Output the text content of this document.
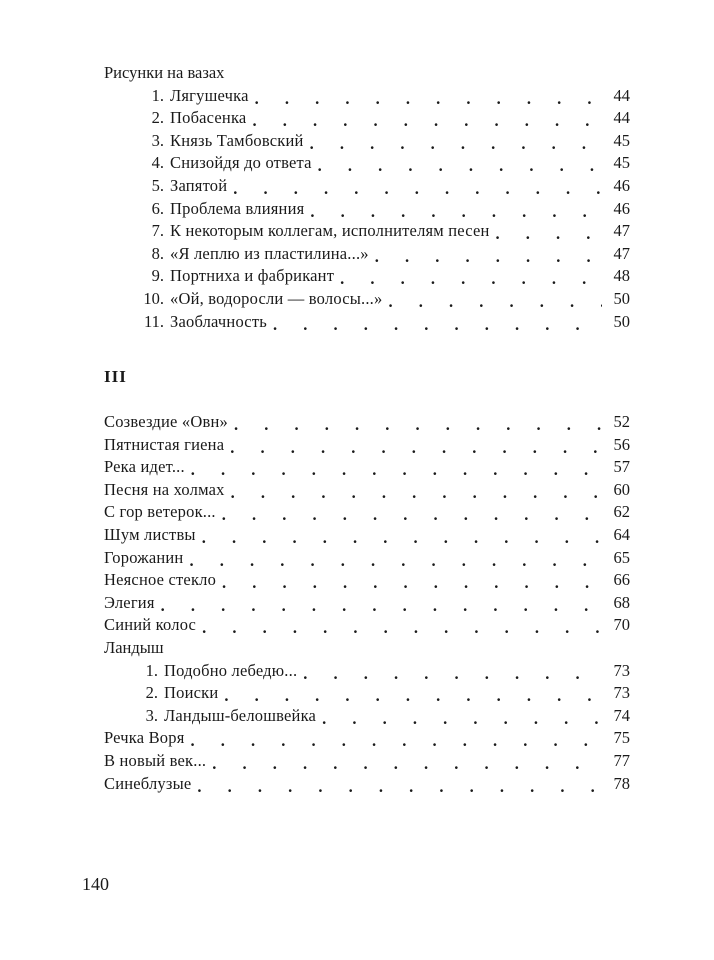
Рисунки на вазах
1. Лягушечка . . .	44
2. Побасенка . . .	44
3. Князь Тамбовский . . .	45
4. Снизойдя до ответа . . .	45
5. Запятой . . .	46
6. Проблема влияния . . .	46
7. К некоторым коллегам, исполнителям песен . . .	47
8. «Я леплю из пластилина...» . . .	47
9. Портниха и фабрикант . . .	48
10. «Ой, водоросли — волосы...» . . .	50
11. Заоблачность . . .	50
III
Созвездие «Овн» . . .	52
Пятнистая гиена . . .	56
Река идет... . . .	57
Песня на холмах . . .	60
С гор ветерок... . . .	62
Шум листвы . . .	64
Горожанин . . .	65
Неясное стекло . . .	66
Элегия . . .	68
Синий колос . . .	70
Ландыш
1. Подобно лебедю... . . .	73
2. Поиски . . .	73
3. Ландыш-белошвейка . . .	74
Речка Воря . . .	75
В новый век... . . .	77
Синеблузые . . .	78
140
